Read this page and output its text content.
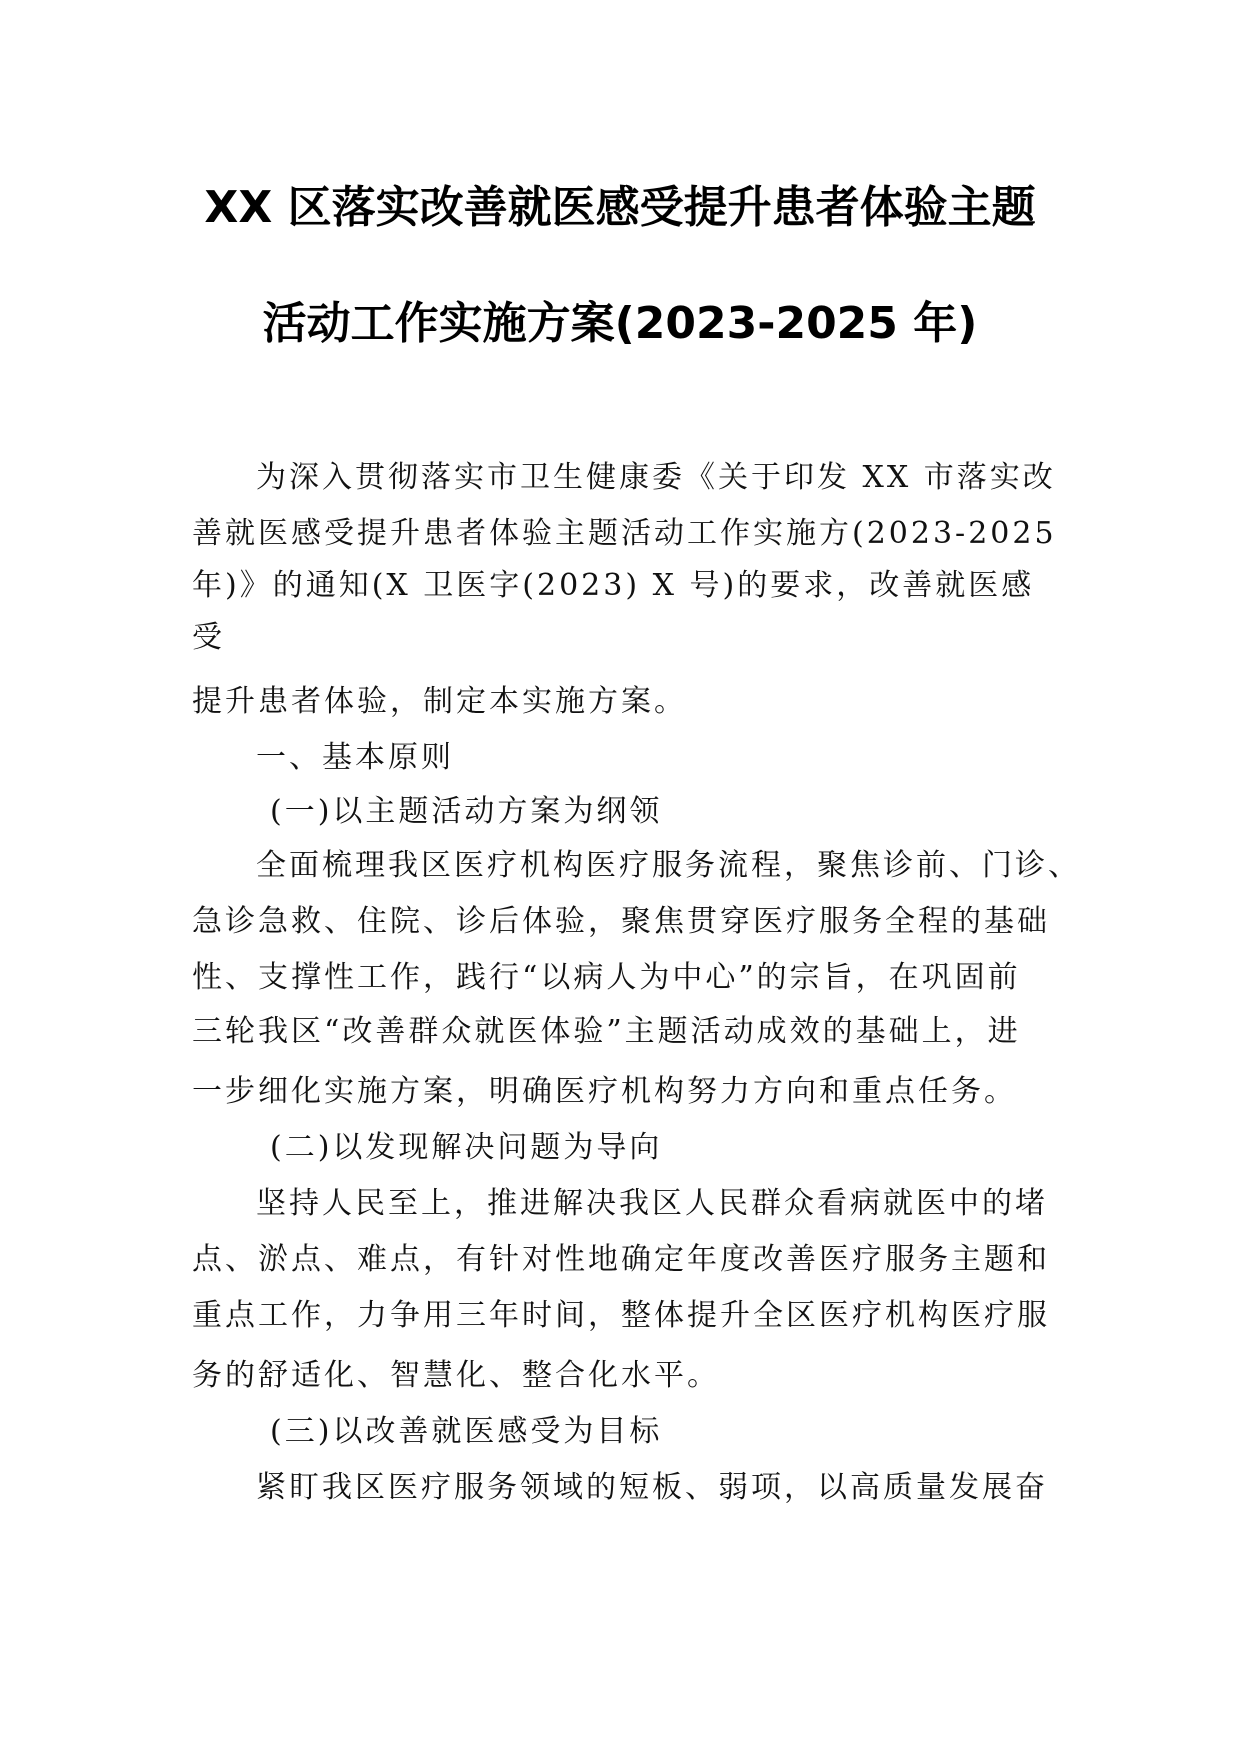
XX 区落实改善就医感受提升患者体验主题
活动工作实施方案(2023-2025 年)
为深入贯彻落实市卫生健康委《关于印发 XX 市落实改
善就医感受提升患者体验主题活动工作实施方(2023-2025
年)》的通知(X 卫医字(2023) X 号)的要求，改善就医感
受
提升患者体验，制定本实施方案。
一、基本原则
(一)以主题活动方案为纲领
全面梳理我区医疗机构医疗服务流程，聚焦诊前、门诊、
急诊急救、住院、诊后体验，聚焦贯穿医疗服务全程的基础
性、支撑性工作，践行“以病人为中心”的宗旨，在巩固前
三轮我区“改善群众就医体验”主题活动成效的基础上，进
一步细化实施方案，明确医疗机构努力方向和重点任务。
(二)以发现解决问题为导向
坚持人民至上，推进解决我区人民群众看病就医中的堵
点、淤点、难点，有针对性地确定年度改善医疗服务主题和
重点工作，力争用三年时间，整体提升全区医疗机构医疗服
务的舒适化、智慧化、整合化水平。
(三)以改善就医感受为目标
紧盯我区医疗服务领域的短板、弱项，以高质量发展奋
